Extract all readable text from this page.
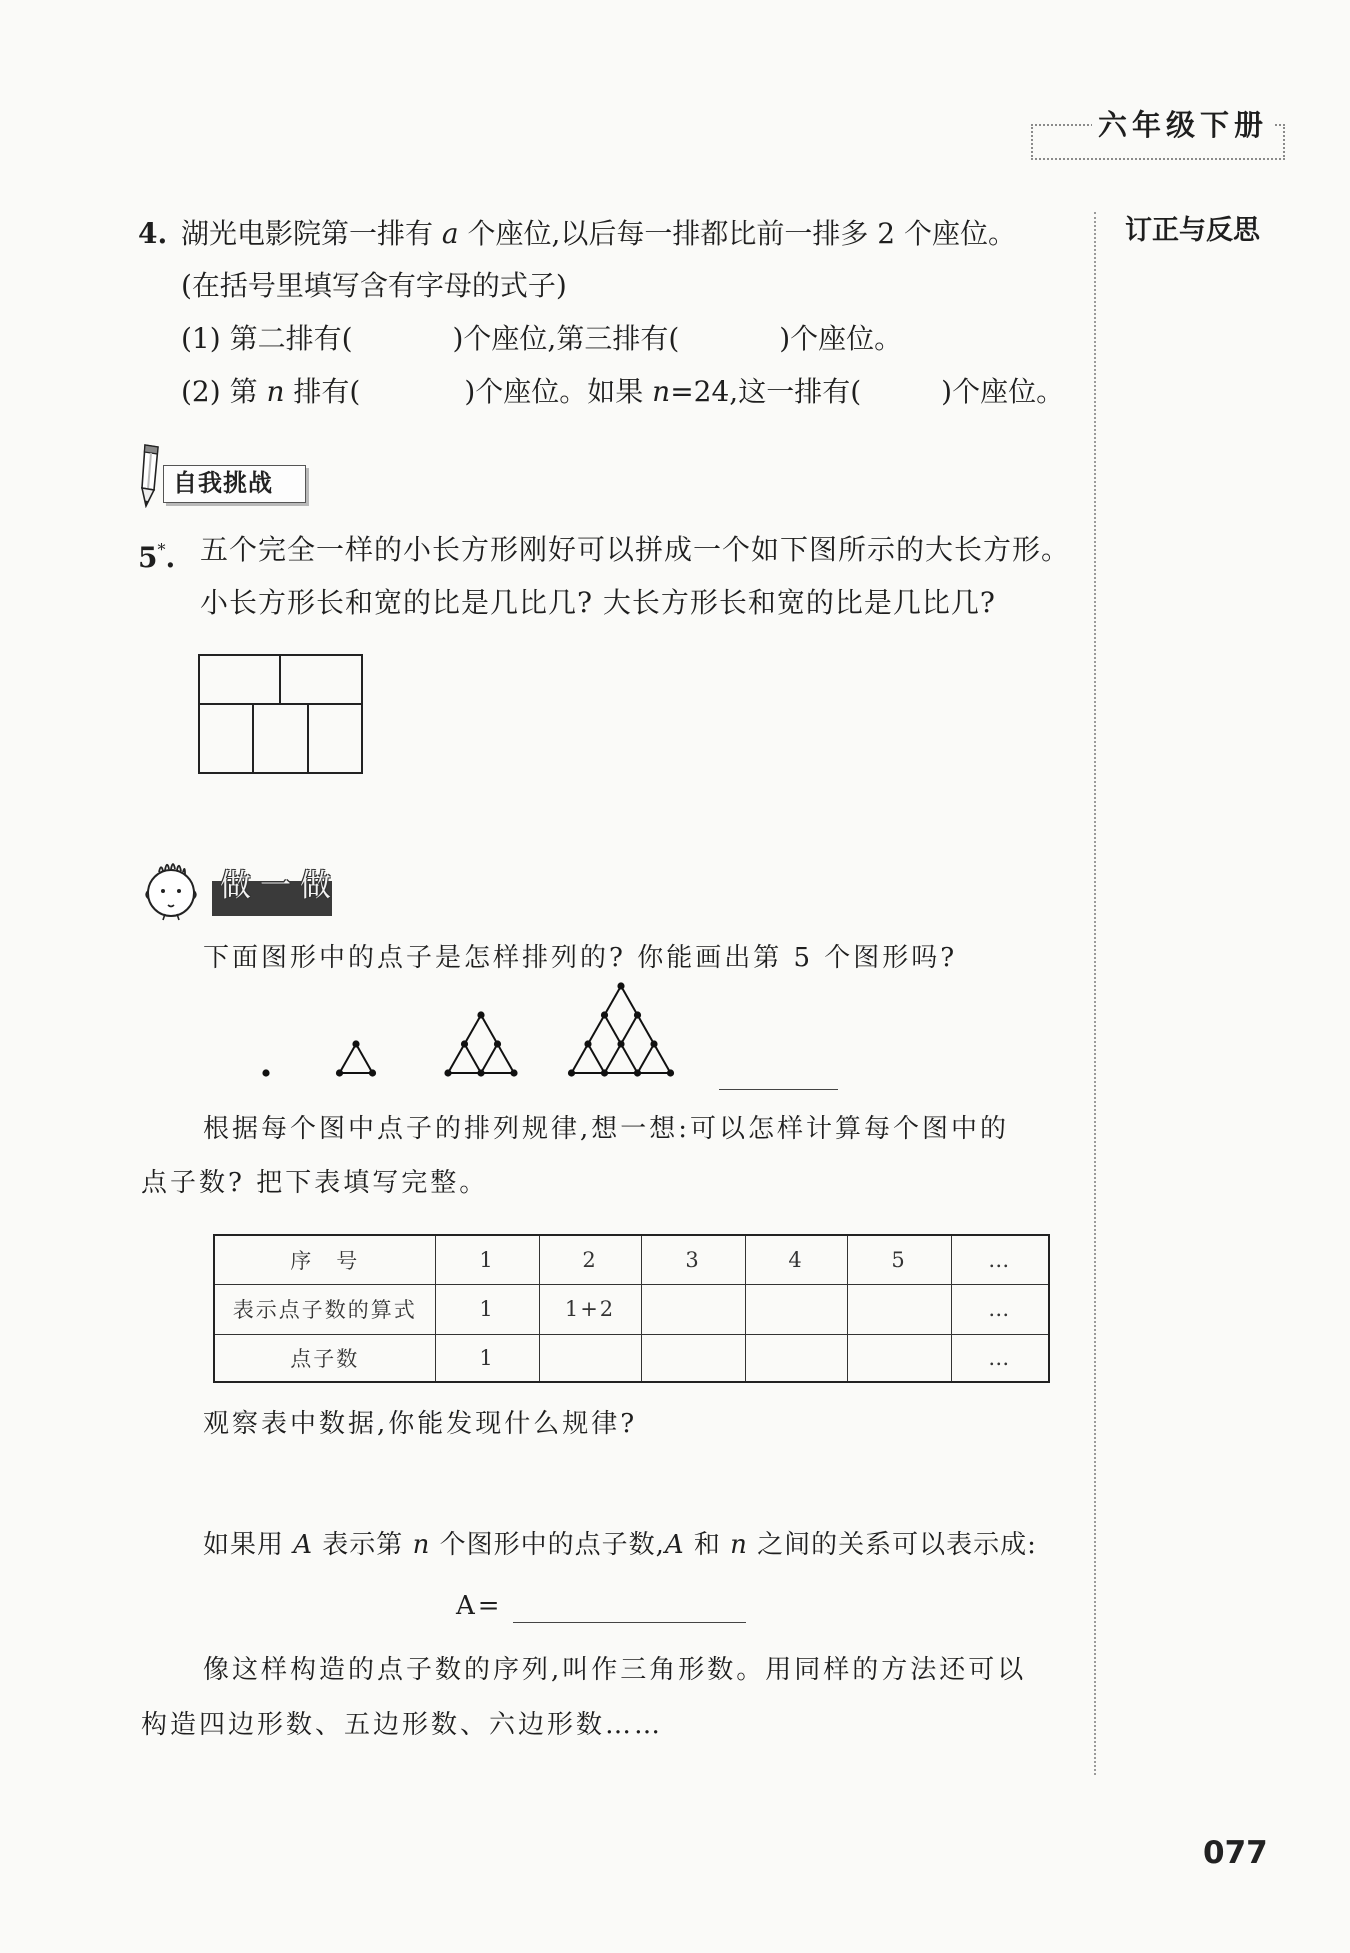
六年级下册
订正与反思
4. 湖光电影院第一排有 a 个座位,以后每一排都比前一排多 2 个座位。
(在括号里填写含有字母的式子)
(1) 第二排有(	)个座位,第三排有(	)个座位。
(2) 第 n 排有(	)个座位。如果 n=24,这一排有(	)个座位。
自我挑战
5*. 五个完全一样的小长方形刚好可以拼成一个如下图所示的大长方形。
小长方形长和宽的比是几比几? 大长方形长和宽的比是几比几?
做一做
下面图形中的点子是怎样排列的? 你能画出第 5 个图形吗?
根据每个图中点子的排列规律,想一想:可以怎样计算每个图中的
点子数? 把下表填写完整。
序　号	1	2	3	4	5	…
表示点子数的算式	1	1+2				…
点子数	1					…
观察表中数据,你能发现什么规律?
如果用 A 表示第 n 个图形中的点子数,A 和 n 之间的关系可以表示成:
A=
像这样构造的点子数的序列,叫作三角形数。用同样的方法还可以
构造四边形数、五边形数、六边形数……
077
